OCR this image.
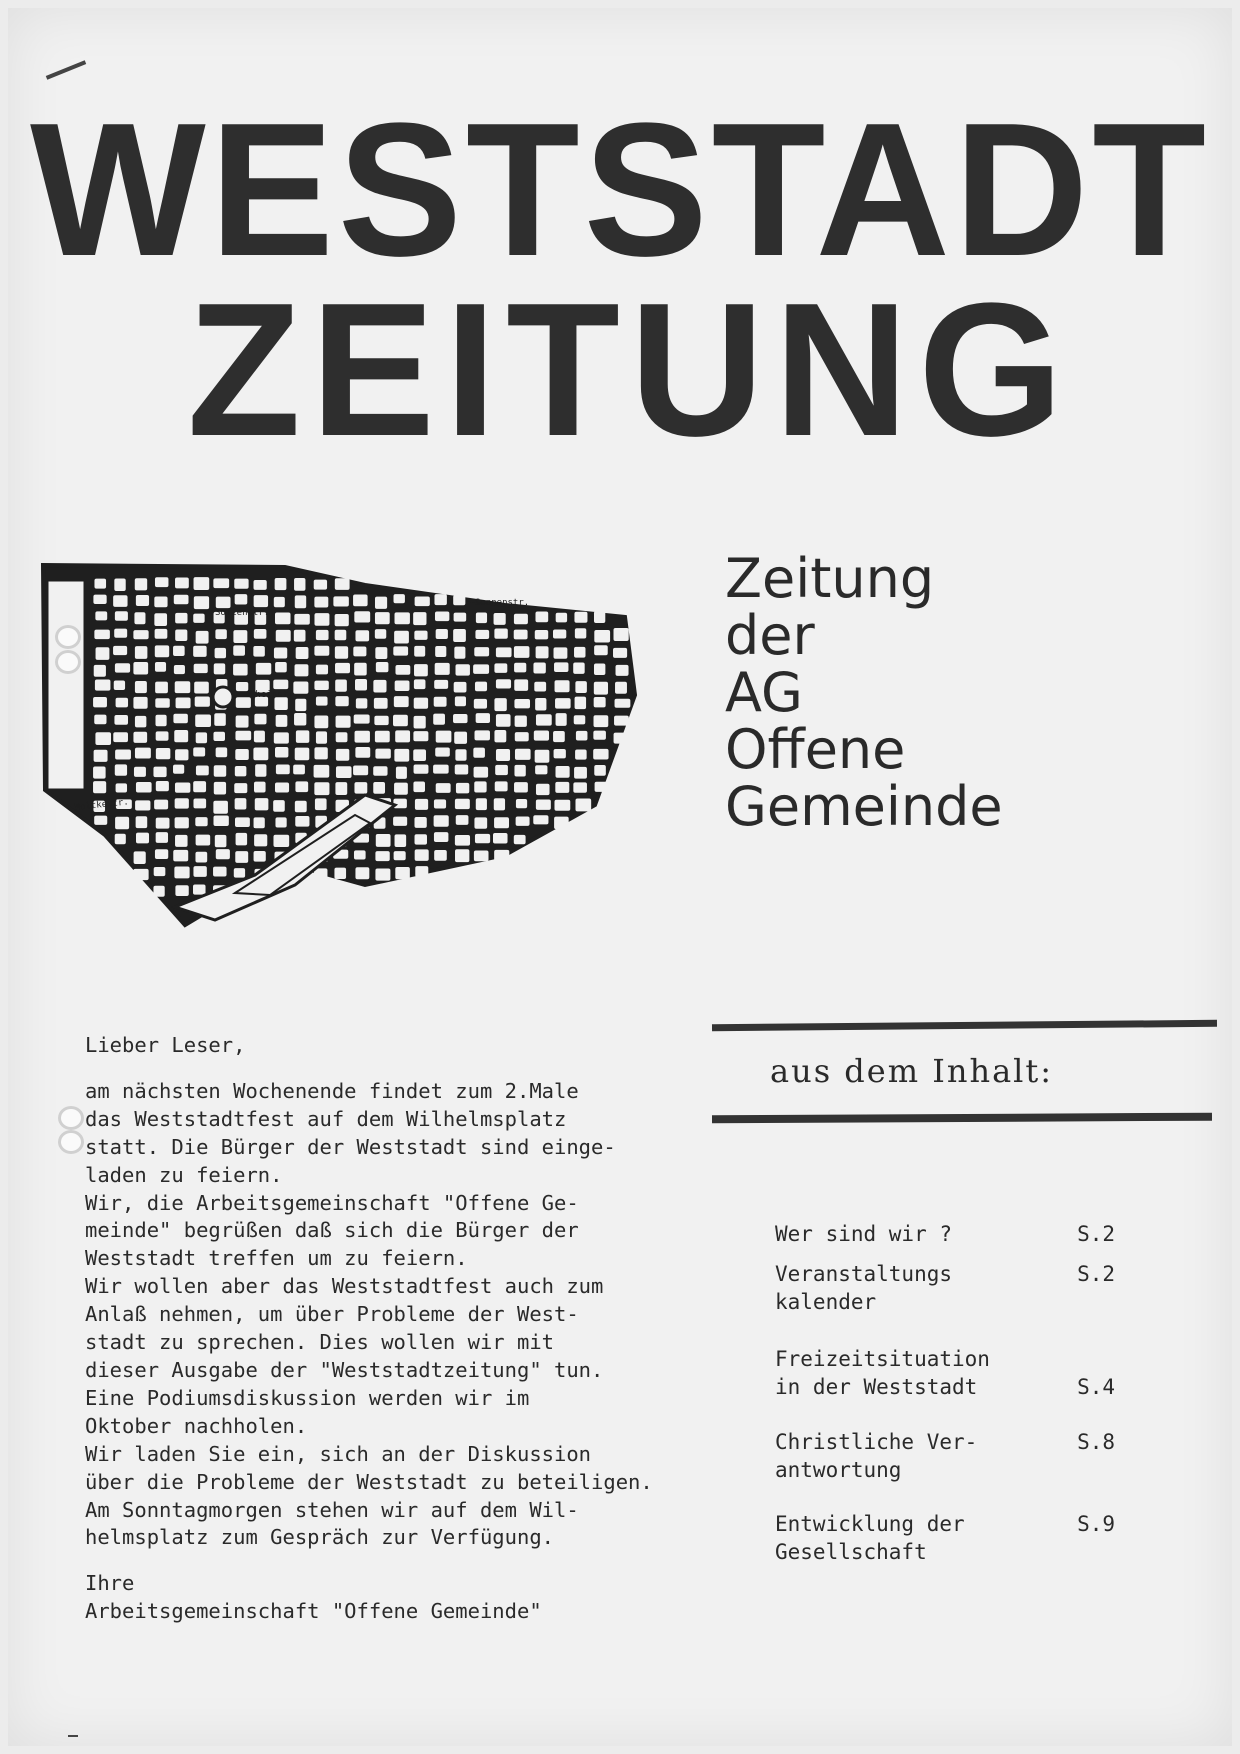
WESTSTADT
ZEITUNG
Sofienstr.
Rheinstr.
Sonnenstr.
Moltkestr.
Zeitung
der
AG
Offene
Gemeinde
aus dem Inhalt:
Wer sind wir ?	S.2
Veranstaltungs
kalender
S.2
Freizeitsituation
in der Weststadt	S.4
Christliche Ver-
antwortung
S.8
Entwicklung der
Gesellschaft
S.9
Lieber Leser,
am nächsten Wochenende findet zum 2.Male
das Weststadtfest auf dem Wilhelmsplatz
statt. Die Bürger der Weststadt sind einge-
laden zu feiern.
Wir, die Arbeitsgemeinschaft "Offene Ge-
meinde" begrüßen daß sich die Bürger der
Weststadt treffen um zu feiern.
Wir wollen aber das Weststadtfest auch zum
Anlaß nehmen, um über Probleme der West-
stadt zu sprechen. Dies wollen wir mit
dieser Ausgabe der "Weststadtzeitung" tun.
Eine Podiumsdiskussion werden wir im
Oktober nachholen.
Wir laden Sie ein, sich an der Diskussion
über die Probleme der Weststadt zu beteiligen.
Am Sonntagmorgen stehen wir auf dem Wil-
helmsplatz zum Gespräch zur Verfügung.
Ihre
Arbeitsgemeinschaft "Offene Gemeinde"
